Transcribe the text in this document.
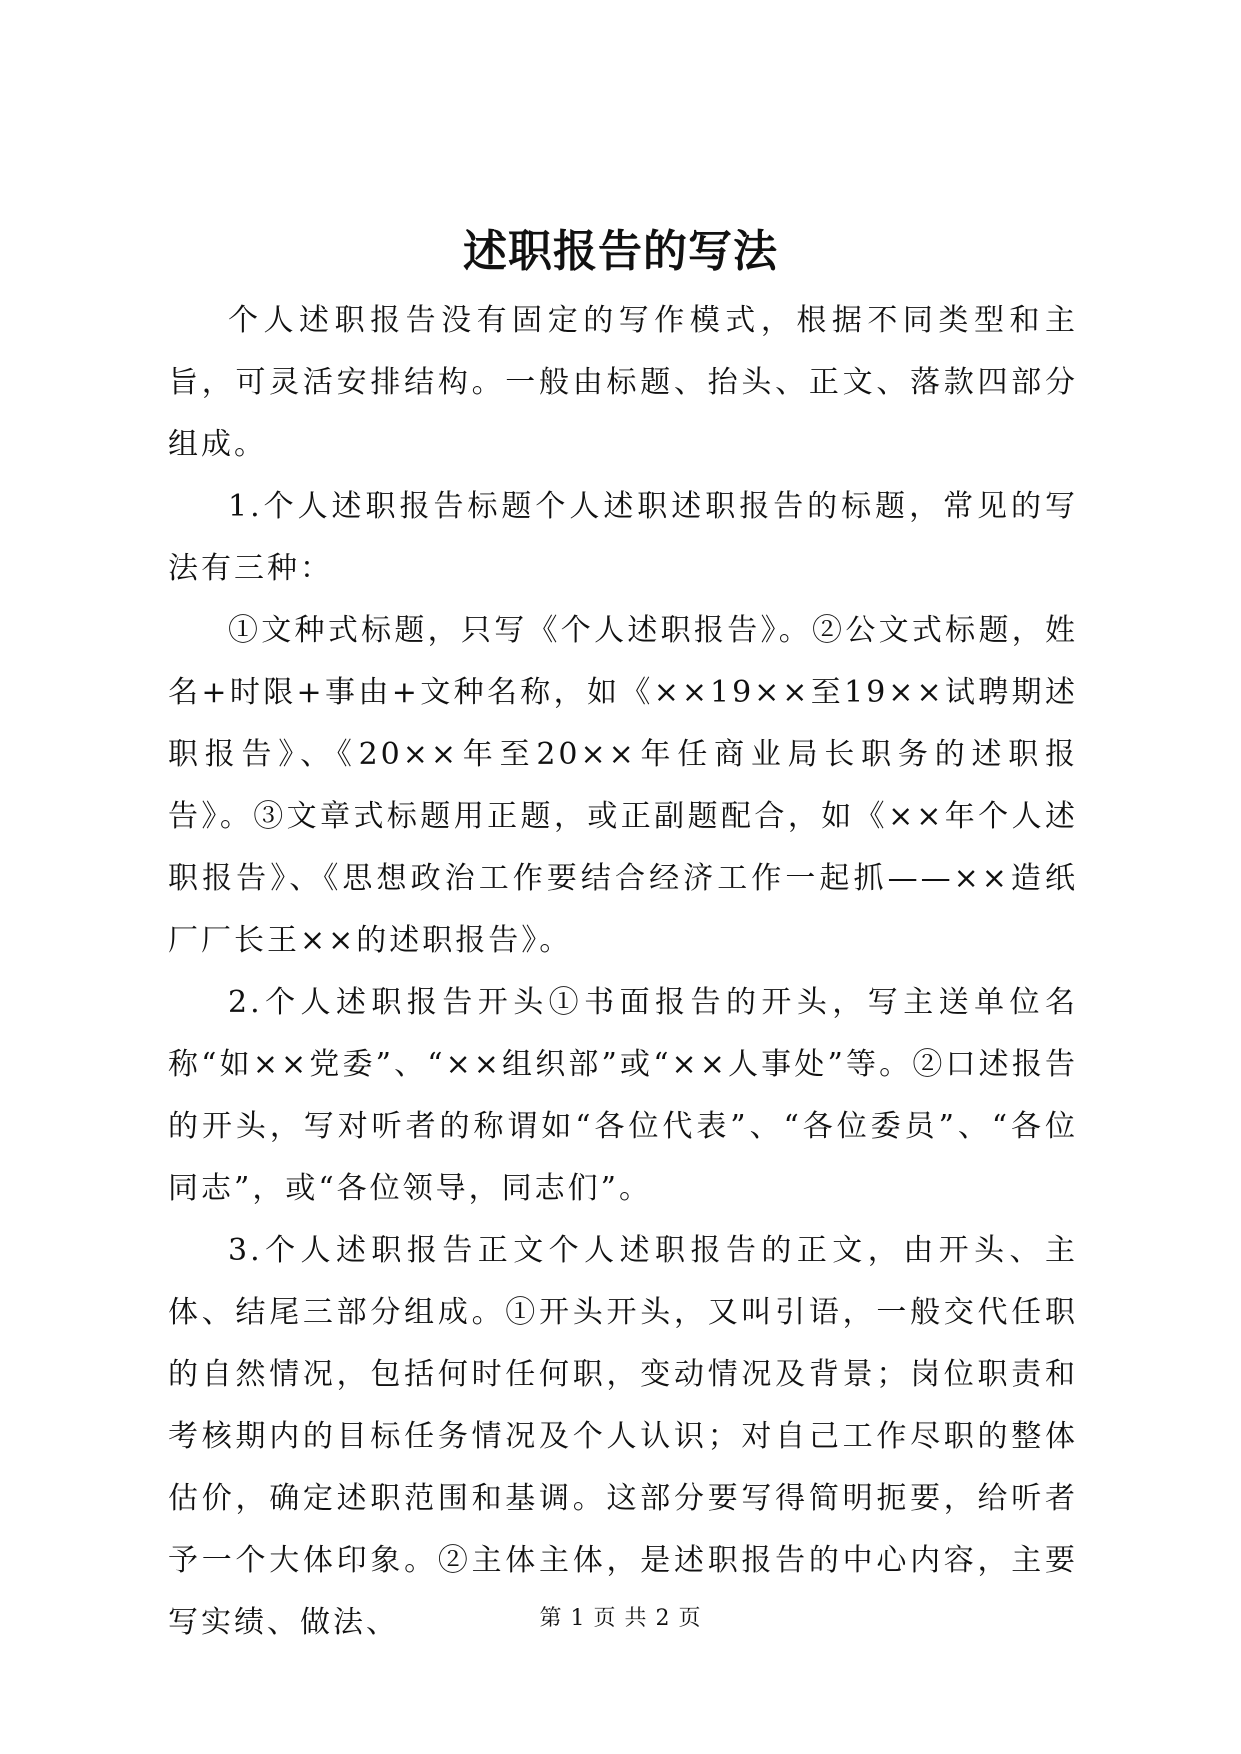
述职报告的写法

个人述职报告没有固定的写作模式，根据不同类型和主旨，可灵活安排结构。一般由标题、抬头、正文、落款四部分组成。

1.个人述职报告标题个人述职述职报告的标题，常见的写法有三种：

①文种式标题，只写《个人述职报告》。②公文式标题，姓名+时限+事由+文种名称，如《××19××至19××试聘期述职报告》、《20××年至20××年任商业局长职务的述职报告》。③文章式标题用正题，或正副题配合，如《××年个人述职报告》、《思想政治工作要结合经济工作一起抓——××造纸厂厂长王××的述职报告》。

2.个人述职报告开头①书面报告的开头，写主送单位名称“如××党委”、“××组织部”或“××人事处”等。②口述报告的开头，写对听者的称谓如“各位代表”、“各位委员”、“各位同志”，或“各位领导，同志们”。

3.个人述职报告正文个人述职报告的正文，由开头、主体、结尾三部分组成。①开头开头，又叫引语，一般交代任职的自然情况，包括何时任何职，变动情况及背景；岗位职责和考核期内的目标任务情况及个人认识；对自己工作尽职的整体估价，确定述职范围和基调。这部分要写得简明扼要，给听者予一个大体印象。②主体主体，是述职报告的中心内容，主要写实绩、做法、	第 1 页 共 2 页
